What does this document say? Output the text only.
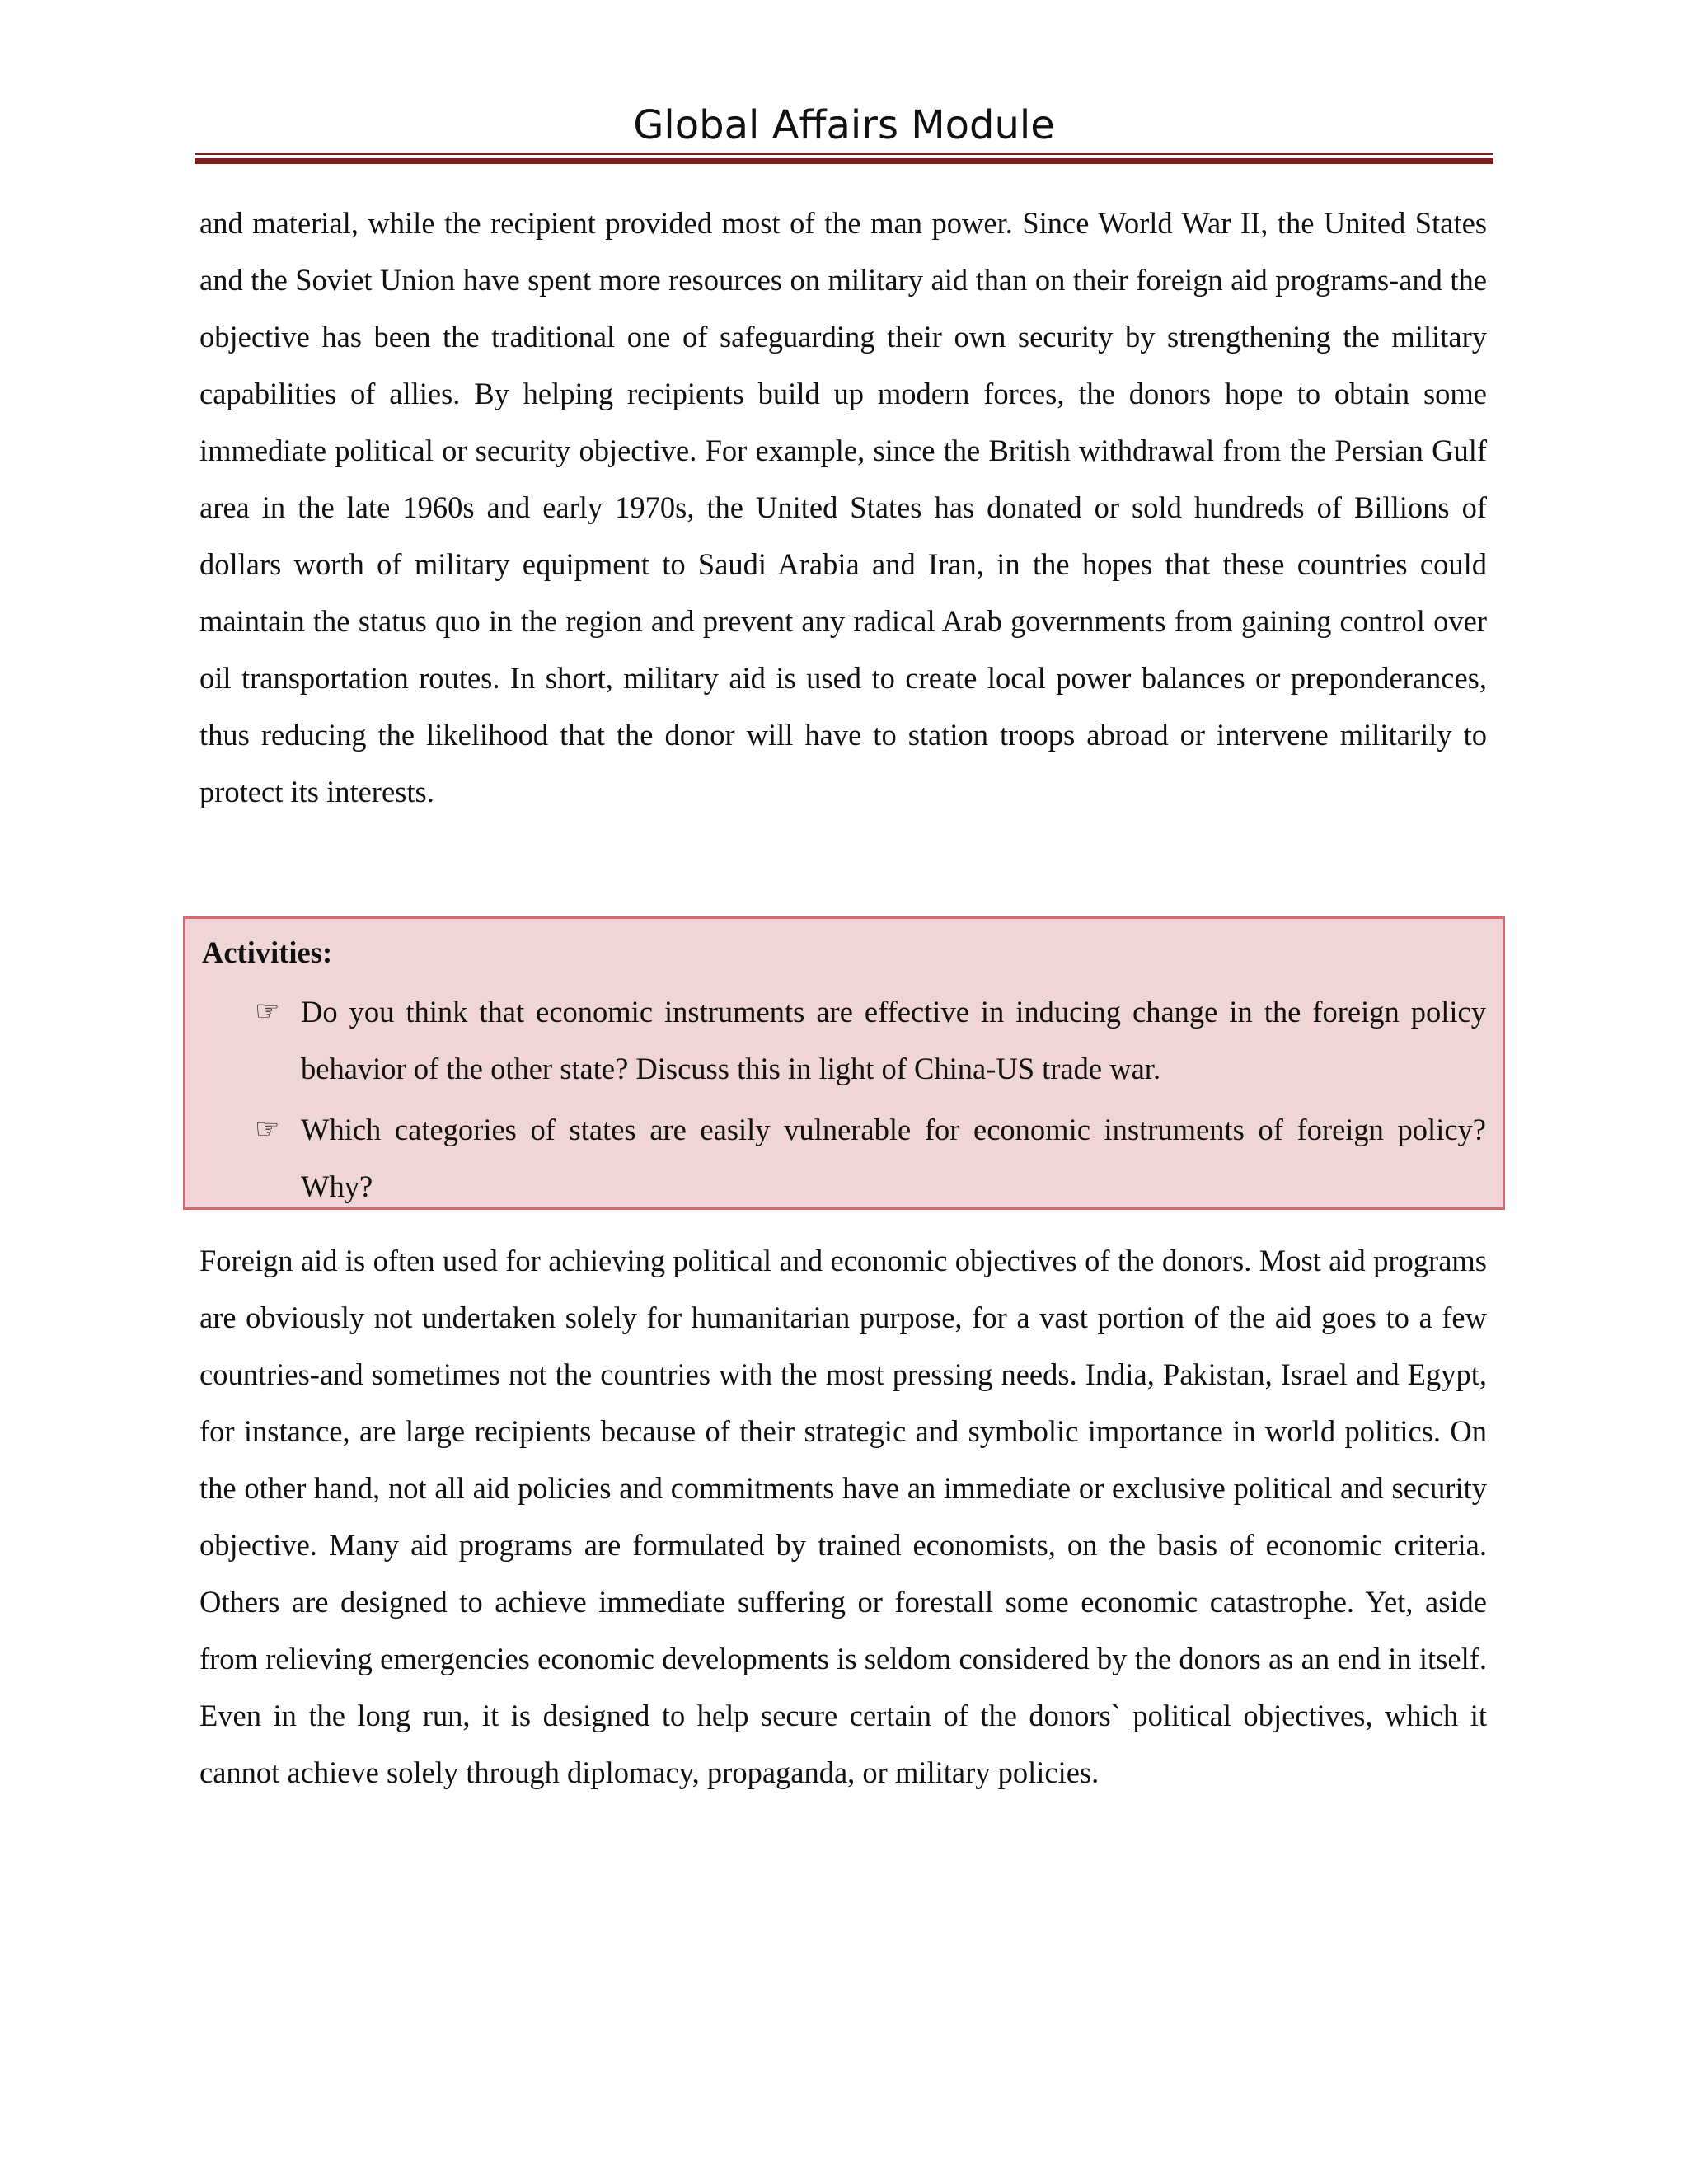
Global Affairs Module

and material, while the recipient provided most of the man power. Since World War II, the United States and the Soviet Union have spent more resources on military aid than on their foreign aid programs-and the objective has been the traditional one of safeguarding their own security by strengthening the military capabilities of allies. By helping recipients build up modern forces, the donors hope to obtain some immediate political or security objective. For example, since the British withdrawal from the Persian Gulf area in the late 1960s and early 1970s, the United States has donated or sold hundreds of Billions of dollars worth of military equipment to Saudi Arabia and Iran, in the hopes that these countries could maintain the status quo in the region and prevent any radical Arab governments from gaining control over oil transportation routes. In short, military aid is used to create local power balances or preponderances, thus reducing the likelihood that the donor will have to station troops abroad or intervene militarily to protect its interests.

Activities:

☞ Do you think that economic instruments are effective in inducing change in the foreign policy behavior of the other state? Discuss this in light of China-US trade war.

☞ Which categories of states are easily vulnerable for economic instruments of foreign policy? Why?

Foreign aid is often used for achieving political and economic objectives of the donors. Most aid programs are obviously not undertaken solely for humanitarian purpose, for a vast portion of the aid goes to a few countries-and sometimes not the countries with the most pressing needs. India, Pakistan, Israel and Egypt, for instance, are large recipients because of their strategic and symbolic importance in world politics. On the other hand, not all aid policies and commitments have an immediate or exclusive political and security objective. Many aid programs are formulated by trained economists, on the basis of economic criteria. Others are designed to achieve immediate suffering or forestall some economic catastrophe. Yet, aside from relieving emergencies economic developments is seldom considered by the donors as an end in itself. Even in the long run, it is designed to help secure certain of the donors` political objectives, which it cannot achieve solely through diplomacy, propaganda, or military policies.
